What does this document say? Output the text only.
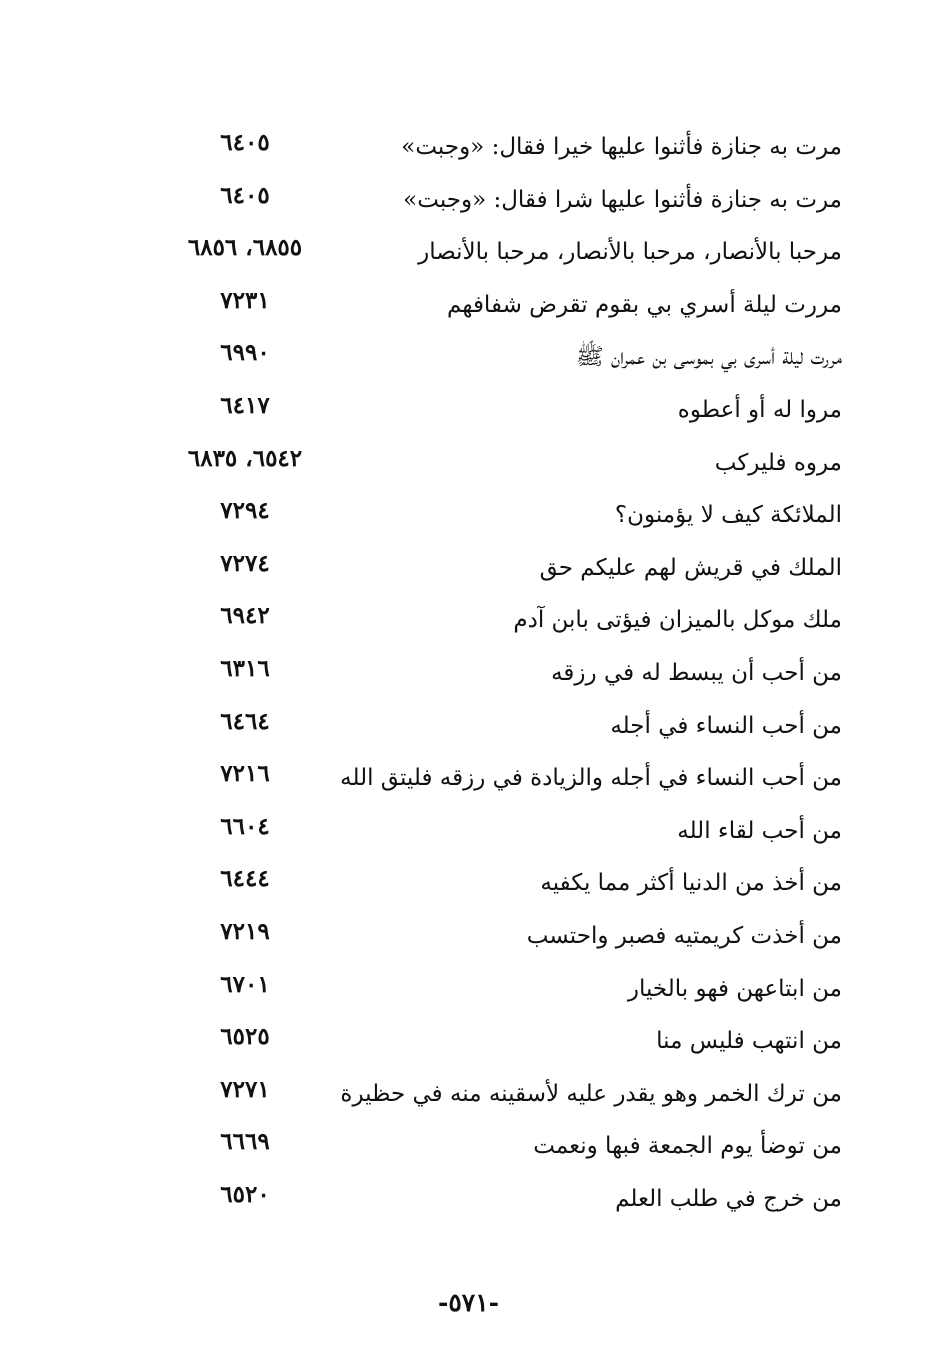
مرت به جنازة فأثنوا عليها خيرا فقال: «وجبت»
٦٤٠٥
مرت به جنازة فأثنوا عليها شرا فقال: «وجبت»
٦٤٠٥
مرحبا بالأنصار، مرحبا بالأنصار، مرحبا بالأنصار
٦٨٥٥، ٦٨٥٦
مررت ليلة أسري بي بقوم تقرض شفافهم
٧٢٣١
مررت ليلة أسرى بي بموسى بن عمران ﷺ
٦٩٩٠
مروا له أو أعطوه
٦٤١٧
مروه فليركب
٦٥٤٢، ٦٨٣٥
الملائكة كيف لا يؤمنون؟
٧٢٩٤
الملك في قريش لهم عليكم حق
٧٢٧٤
ملك موكل بالميزان فيؤتى بابن آدم
٦٩٤٢
من أحب أن يبسط له في رزقه
٦٣١٦
من أحب النساء في أجله
٦٤٦٤
من أحب النساء في أجله والزيادة في رزقه فليتق الله
٧٢١٦
من أحب لقاء الله
٦٦٠٤
من أخذ من الدنيا أكثر مما يكفيه
٦٤٤٤
من أخذت كريمتيه فصبر واحتسب
٧٢١٩
من ابتاعهن فهو بالخيار
٦٧٠١
من انتهب فليس منا
٦٥٢٥
من ترك الخمر وهو يقدر عليه لأسقينه منه في حظيرة
٧٢٧١
من توضأ يوم الجمعة فبها ونعمت
٦٦٦٩
من خرج في طلب العلم
٦٥٢٠
-٥٧١-
